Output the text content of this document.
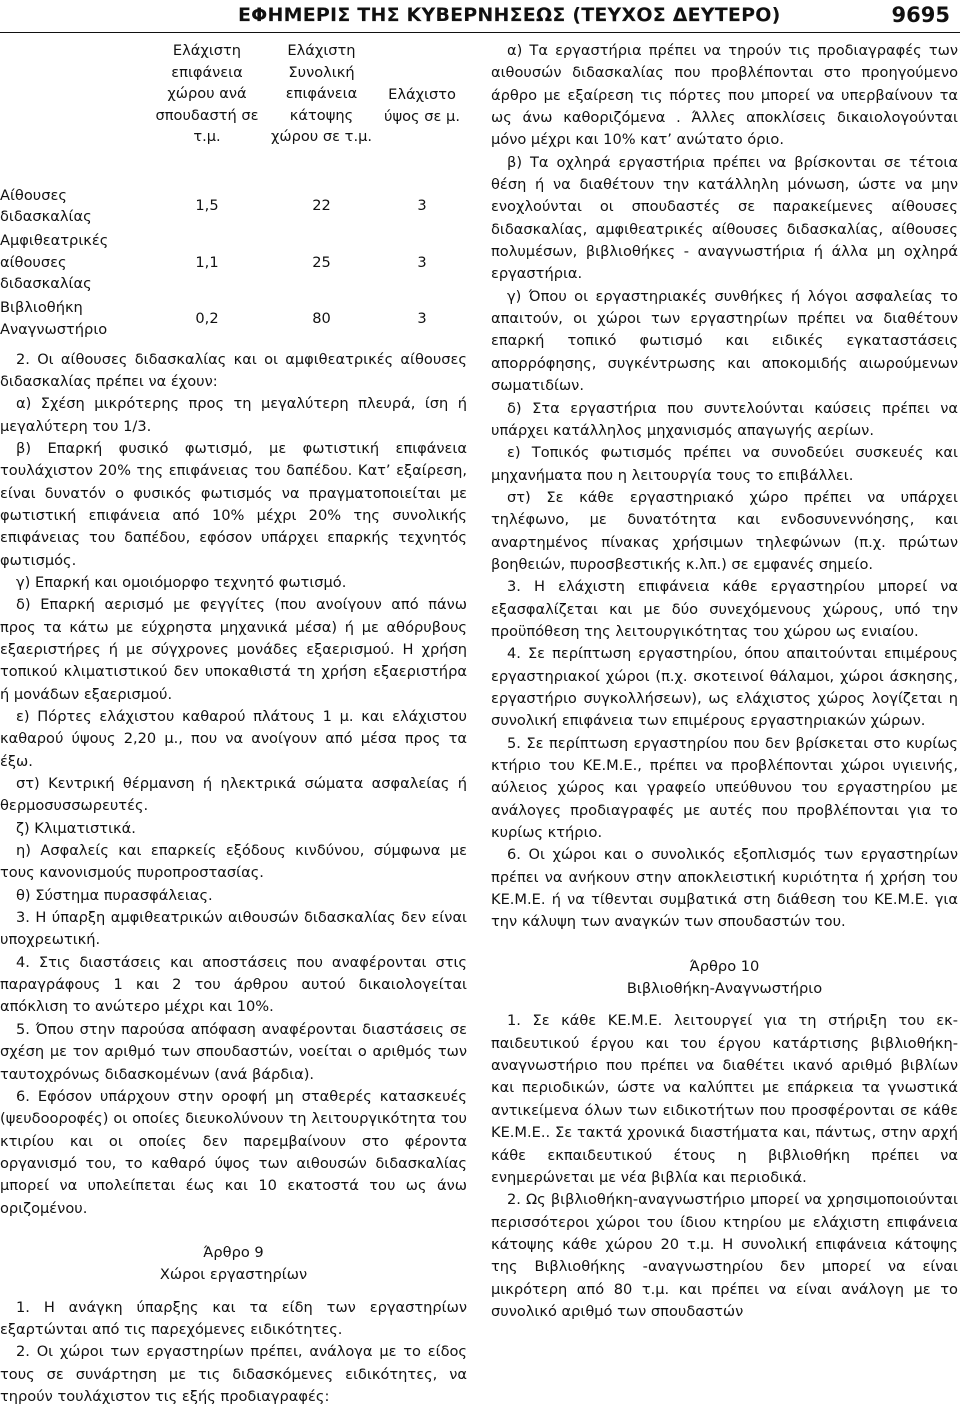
ΕΦΗΜΕΡΙΣ ΤΗΣ ΚΥΒΕΡΝΗΣΕΩΣ (ΤΕΥΧΟΣ ΔΕΥΤΕΡΟ)	9695
	Ελάχιστη επιφάνεια χώρου ανά σπουδαστή σε τ.μ.	Ελάχιστη Συνολική επιφάνεια κάτοψης χώρου σε τ.μ.	Ελάχιστο ύψος σε μ.
Αίθουσες διδασκαλίας	1,5	22	3
Αμφιθεατρικές αίθουσες διδασκαλίας	1,1	25	3
Βιβλιοθήκη Αναγνωστήριο	0,2	80	3

2. Οι αίθουσες διδασκαλίας και οι αμφιθεατρικές αίθουσες διδασκαλίας πρέπει να έχουν:

α) Σχέση μικρότερης προς τη μεγαλύτερη πλευρά, ίση ή μεγαλύτερη του 1/3.

β) Επαρκή φυσικό φωτισμό, με φωτιστική επιφάνεια τουλάχιστον 20% της επιφάνειας του δαπέδου. Κατ’ εξαίρεση, είναι δυνατόν ο φυσικός φωτισμός να πραγματοποιείται με φωτιστική επιφάνεια από 10% μέχρι 20% της συνολικής επιφάνειας του δαπέδου, εφόσον υπάρχει επαρκής τεχνητός φωτισμός.

γ) Επαρκή και ομοιόμορφο τεχνητό φωτισμό.

δ) Επαρκή αερισμό με φεγγίτες (που ανοίγουν από πάνω προς τα κάτω με εύχρηστα μηχανικά μέσα) ή με αθόρυβους εξαεριστήρες ή με σύγχρονες μονάδες εξαερισμού. Η χρήση τοπικού κλιματιστικού δεν υποκαθιστά τη χρήση εξαεριστήρα ή μονάδων εξαερισμού.

ε) Πόρτες ελάχιστου καθαρού πλάτους 1 μ. και ελάχιστου καθαρού ύψους 2,20 μ., που να ανοίγουν από μέσα προς τα έξω.

στ) Κεντρική θέρμανση ή ηλεκτρικά σώματα ασφαλείας ή θερμοσυσσωρευτές.

ζ) Κλιματιστικά.

η) Ασφαλείς και επαρκείς εξόδους κινδύνου, σύμφωνα με τους κανονισμούς πυροπροστασίας.

θ) Σύστημα πυρασφάλειας.

3. Η ύπαρξη αμφιθεατρικών αιθουσών διδασκαλίας δεν είναι υποχρεωτική.

4. Στις διαστάσεις και αποστάσεις που αναφέρονται στις παραγράφους 1 και 2 του άρθρου αυτού δικαιολογείται απόκλιση το ανώτερο μέχρι και 10%.

5. Όπου στην παρούσα απόφαση αναφέρονται διαστάσεις σε σχέση με τον αριθμό των σπουδαστών, νοείται ο αριθμός των ταυτοχρόνως διδασκομένων (ανά βάρδια).

6. Εφόσον υπάρχουν στην οροφή μη σταθερές κατασκευές (ψευδοοροφές) οι οποίες διευκολύνουν τη λειτουργικότητα του κτιρίου και οι οποίες δεν παρεμβαίνουν στο φέροντα οργανισμό του, το καθαρό ύψος των αιθουσών διδασκαλίας μπορεί να υπολείπεται έως και 10 εκατοστά του ως άνω οριζομένου.

Άρθρο 9

Χώροι εργαστηρίων

1. Η ανάγκη ύπαρξης και τα είδη των εργαστηρίων εξαρτώνται από τις παρεχόμενες ειδικότητες.

2. Οι χώροι των εργαστηρίων πρέπει, ανάλογα με το είδος τους σε συνάρτηση με τις διδασκόμενες ειδικότητες, να τηρούν τουλάχιστον τις εξής προδιαγραφές:

α) Τα εργαστήρια πρέπει να τηρούν τις προδιαγραφές των αιθουσών διδασκαλίας που προβλέπονται στο προηγούμενο άρθρο με εξαίρεση τις πόρτες που μπορεί να υπερβαίνουν τα ως άνω καθοριζόμενα . Άλλες αποκλίσεις δικαιολογούνται μόνο μέχρι και 10% κατ’ ανώτατο όριο.

β) Τα οχληρά εργαστήρια πρέπει να βρίσκονται σε τέτοια θέση ή να διαθέτουν την κατάλληλη μόνωση, ώστε να μην ενοχλούνται οι σπουδαστές σε παρακείμενες αίθουσες διδασκαλίας, αμφιθεατρικές αίθουσες διδασκαλίας, αίθουσες πολυμέσων, βιβλιοθήκες - αναγνωστήρια ή άλλα μη οχληρά εργαστήρια.

γ) Όπου οι εργαστηριακές συνθήκες ή λόγοι ασφαλείας το απαιτούν, οι χώροι των εργαστηρίων πρέπει να διαθέτουν επαρκή τοπικό φωτισμό και ειδικές εγκαταστάσεις απορρόφησης, συγκέντρωσης και αποκομιδής αιωρούμενων σωματιδίων.

δ) Στα εργαστήρια που συντελούνται καύσεις πρέπει να υπάρχει κατάλληλος μηχανισμός απαγωγής αερίων.

ε) Τοπικός φωτισμός πρέπει να συνοδεύει συσκευές και μηχανήματα που η λειτουργία τους το επιβάλλει.

στ) Σε κάθε εργαστηριακό χώρο πρέπει να υπάρχει τηλέφωνο, με δυνατότητα και ενδοσυνεννόησης, και αναρτημένος πίνακας χρήσιμων τηλεφώνων (π.χ. πρώτων βοηθειών, πυροσβεστικής κ.λπ.) σε εμφανές σημείο.

3. Η ελάχιστη επιφάνεια κάθε εργαστηρίου μπορεί να εξασφαλίζεται και με δύο συνεχόμενους χώρους, υπό την προϋπόθεση της λειτουργικότητας του χώρου ως ενιαίου.

4. Σε περίπτωση εργαστηρίου, όπου απαιτούνται επιμέρους εργαστηριακοί χώροι (π.χ. σκοτεινοί θάλαμοι, χώροι άσκησης, εργαστήριο συγκολλήσεων), ως ελάχιστος χώρος λογίζεται η συνολική επιφάνεια των επιμέρους εργαστηριακών χώρων.

5. Σε περίπτωση εργαστηρίου που δεν βρίσκεται στο κυρίως κτήριο του ΚΕ.Μ.Ε., πρέπει να προβλέπονται χώροι υγιεινής, αύλειος χώρος και γραφείο υπεύθυνου του εργαστηρίου με ανάλογες προδιαγραφές με αυτές που προβλέπονται για το κυρίως κτήριο.

6. Οι χώροι και ο συνολικός εξοπλισμός των εργαστηρίων πρέπει να ανήκουν στην αποκλειστική κυριότητα ή χρήση του ΚΕ.Μ.Ε. ή να τίθενται συμβατικά στη διάθεση του ΚΕ.Μ.Ε. για την κάλυψη των αναγκών των σπουδαστών του.

Άρθρο 10

Βιβλιοθήκη-Αναγνωστήριο

1. Σε κάθε ΚΕ.Μ.Ε. λειτουργεί για τη στήριξη του εκπαιδευτικού έργου και του έργου κατάρτισης βιβλιοθήκη-αναγνωστήριο που πρέπει να διαθέτει ικανό αριθμό βιβλίων και περιοδικών, ώστε να καλύπτει με επάρκεια τα γνωστικά αντικείμενα όλων των ειδικοτήτων που προσφέρονται σε κάθε ΚΕ.Μ.Ε.. Σε τακτά χρονικά διαστήματα και, πάντως, στην αρχή κάθε εκπαιδευτικού έτους η βιβλιοθήκη πρέπει να ενημερώνεται με νέα βιβλία και περιοδικά.

2. Ως βιβλιοθήκη-αναγνωστήριο μπορεί να χρησιμοποιούνται περισσότεροι χώροι του ίδιου κτηρίου με ελάχιστη επιφάνεια κάτοψης κάθε χώρου 20 τ.μ. Η συνολική επιφάνεια κάτοψης της Βιβλιοθήκης -αναγνωστηρίου δεν μπορεί να είναι μικρότερη από 80 τ.μ. και πρέπει να είναι ανάλογη με το συνολικό αριθμό των σπουδαστών
